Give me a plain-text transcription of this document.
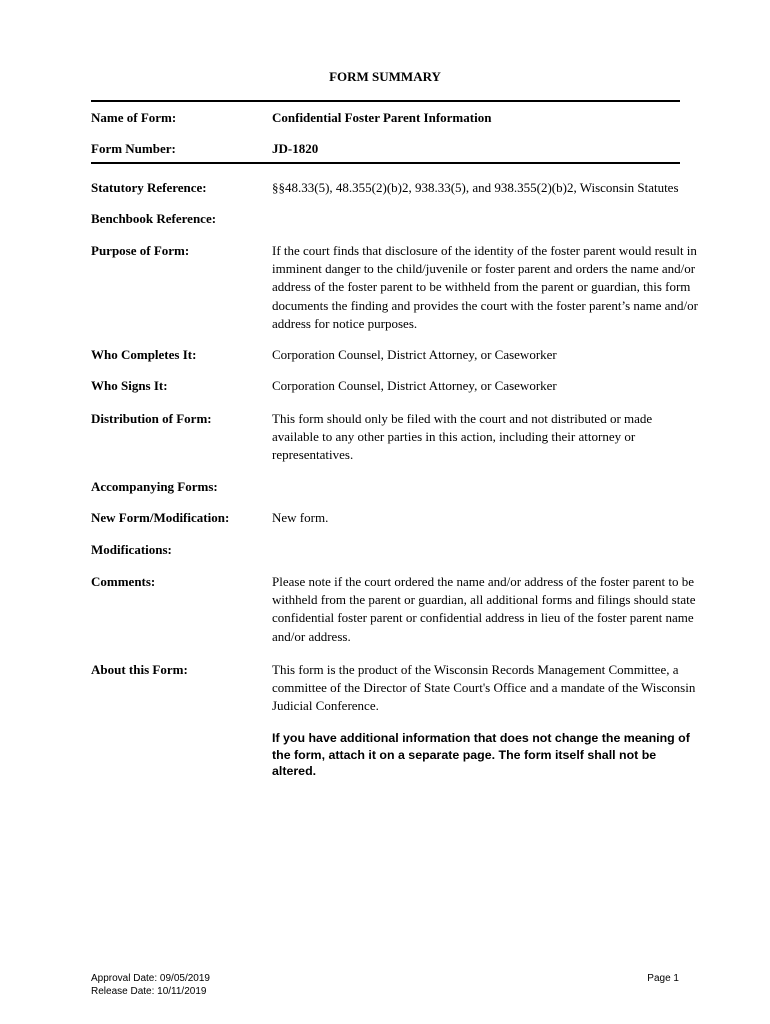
FORM SUMMARY
Name of Form:	Confidential Foster Parent Information
Form Number:	JD-1820
Statutory Reference:	§§48.33(5), 48.355(2)(b)2, 938.33(5), and 938.355(2)(b)2, Wisconsin Statutes
Benchbook Reference:
Purpose of Form:	If the court finds that disclosure of the identity of the foster parent would result in imminent danger to the child/juvenile or foster parent and orders the name and/or address of the foster parent to be withheld from the parent or guardian, this form documents the finding and provides the court with the foster parent’s name and/or address for notice purposes.
Who Completes It:	Corporation Counsel, District Attorney, or Caseworker
Who Signs It:	Corporation Counsel, District Attorney, or Caseworker
Distribution of Form:	This form should only be filed with the court and not distributed or made available to any other parties in this action, including their attorney or representatives.
Accompanying Forms:
New Form/Modification:	New form.
Modifications:
Comments:	Please note if the court ordered the name and/or address of the foster parent to be withheld from the parent or guardian, all additional forms and filings should state confidential foster parent or confidential address in lieu of the foster parent name and/or address.
About this Form:	This form is the product of the Wisconsin Records Management Committee, a committee of the Director of State Court's Office and a mandate of the Wisconsin Judicial Conference.
If you have additional information that does not change the meaning of the form, attach it on a separate page. The form itself shall not be altered.
Approval Date: 09/05/2019
Release Date: 10/11/2019
Page 1
